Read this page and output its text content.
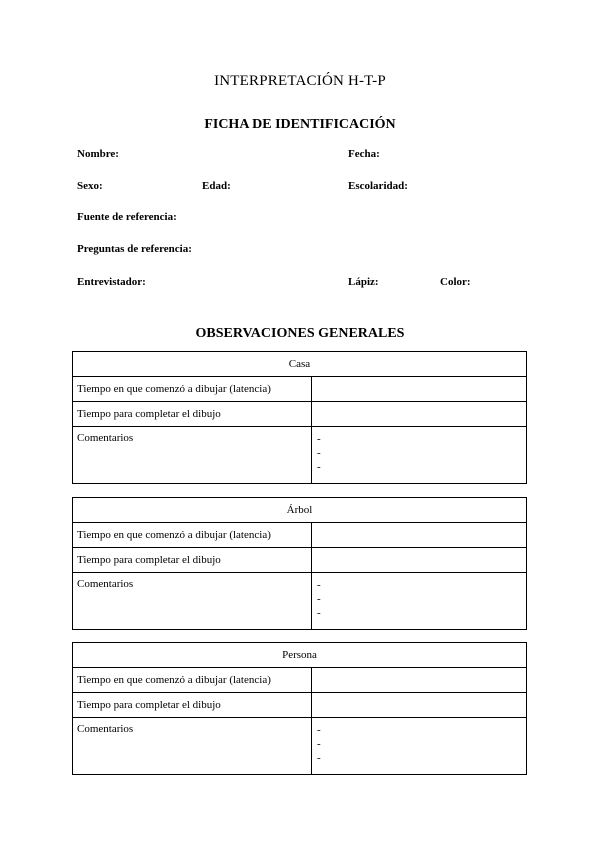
INTERPRETACIÓN H-T-P
FICHA DE IDENTIFICACIÓN
Nombre:	Fecha:
Sexo:	Edad:	Escolaridad:
Fuente de referencia:
Preguntas de referencia:
Entrevistador:	Lápiz:	Color:
OBSERVACIONES GENERALES
Casa	
Tiempo en que comenzó a dibujar (latencia)	
Tiempo para completar el dibujo	
Comentarios	-
-
-
Árbol	
Tiempo en que comenzó a dibujar (latencia)	
Tiempo para completar el dibujo	
Comentarios	-
-
-
Persona	
Tiempo en que comenzó a dibujar (latencia)	
Tiempo para completar el dibujo	
Comentarios	-
-
-
